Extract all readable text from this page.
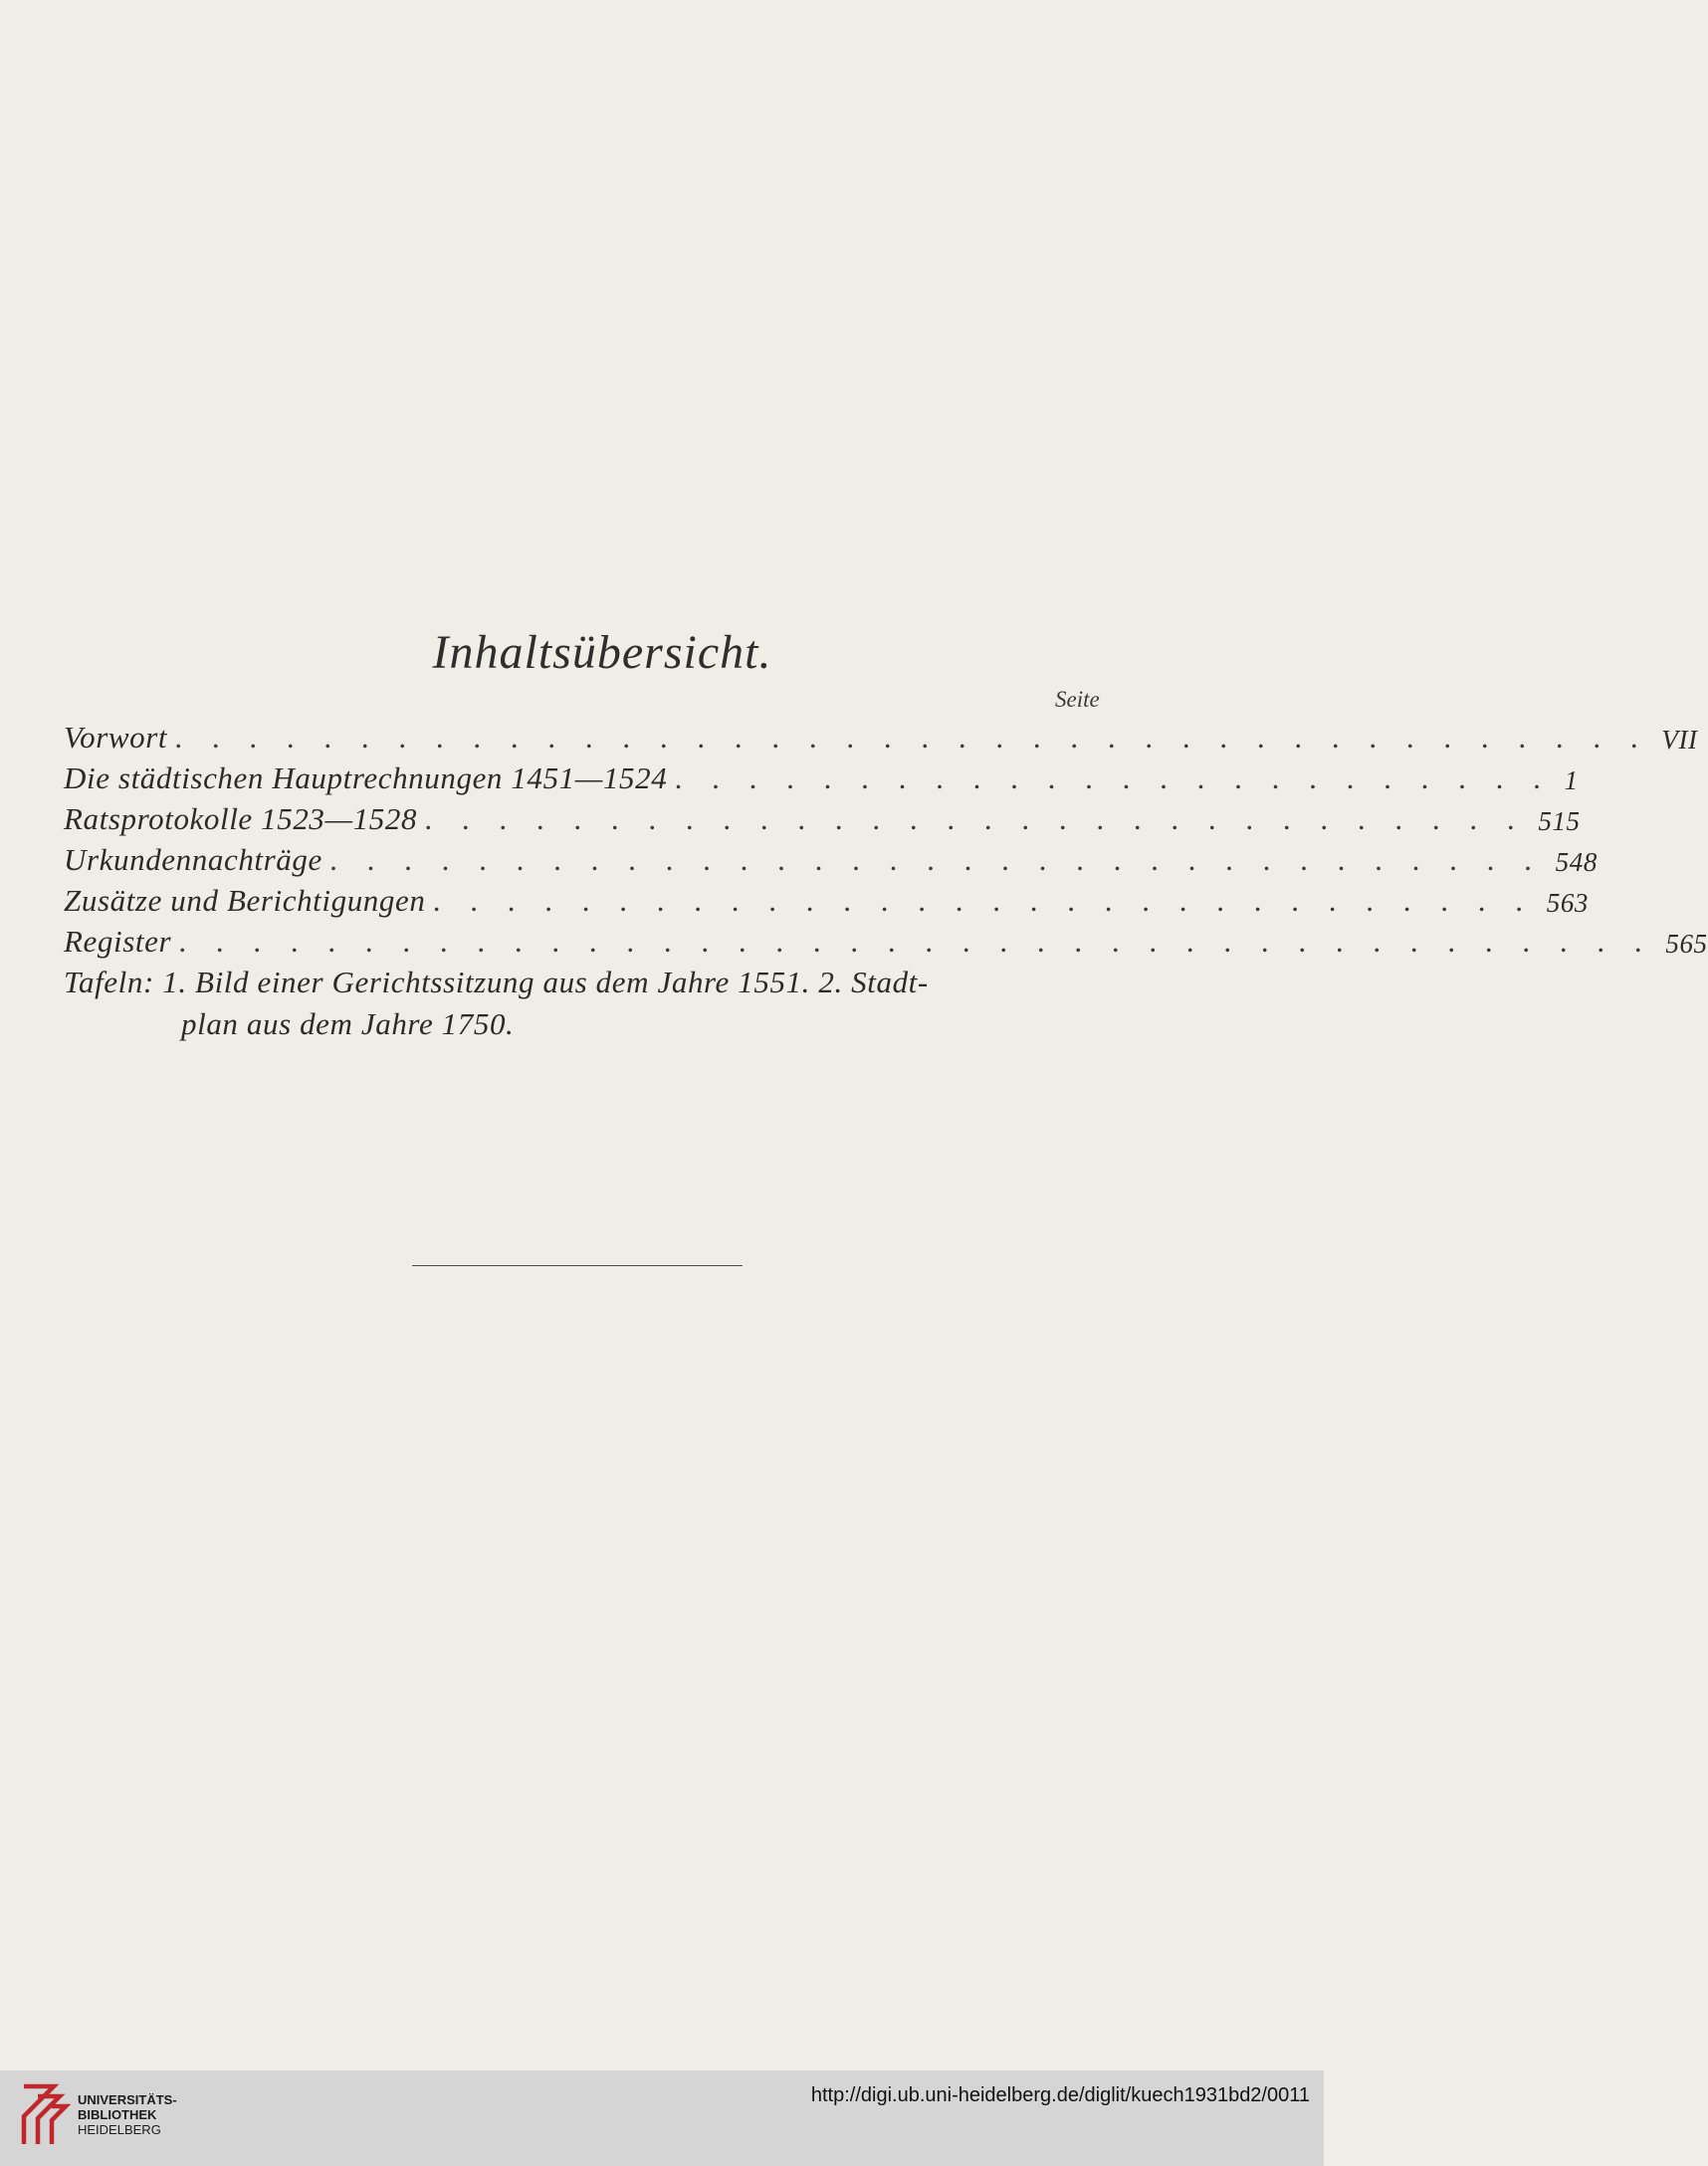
Inhaltsübersicht.
Seite
Vorwort . . . . . . . . . . . . . . . . . . . . . . . . . . . . . . . . . . . . . . . . VII
Die städtischen Hauptrechnungen 1451—1524 . . . . . . . . . . . . . . . . . . . . . . . . 1
Ratsprotokolle 1523—1528 . . . . . . . . . . . . . . . . . . . . . . . . . . . . . . 515
Urkundennachträge . . . . . . . . . . . . . . . . . . . . . . . . . . . . . . . . . 548
Zusätze und Berichtigungen . . . . . . . . . . . . . . . . . . . . . . . . . . . . . . 563
Register . . . . . . . . . . . . . . . . . . . . . . . . . . . . . . . . . . . . . . . . 565
Tafeln: 1. Bild einer Gerichtssitzung aus dem Jahre 1551. 2. Stadt-
plan aus dem Jahre 1750.
UNIVERSITÄTS-
BIBLIOTHEK
HEIDELBERG
http://digi.ub.uni-heidelberg.de/diglit/kuech1931bd2/0011
